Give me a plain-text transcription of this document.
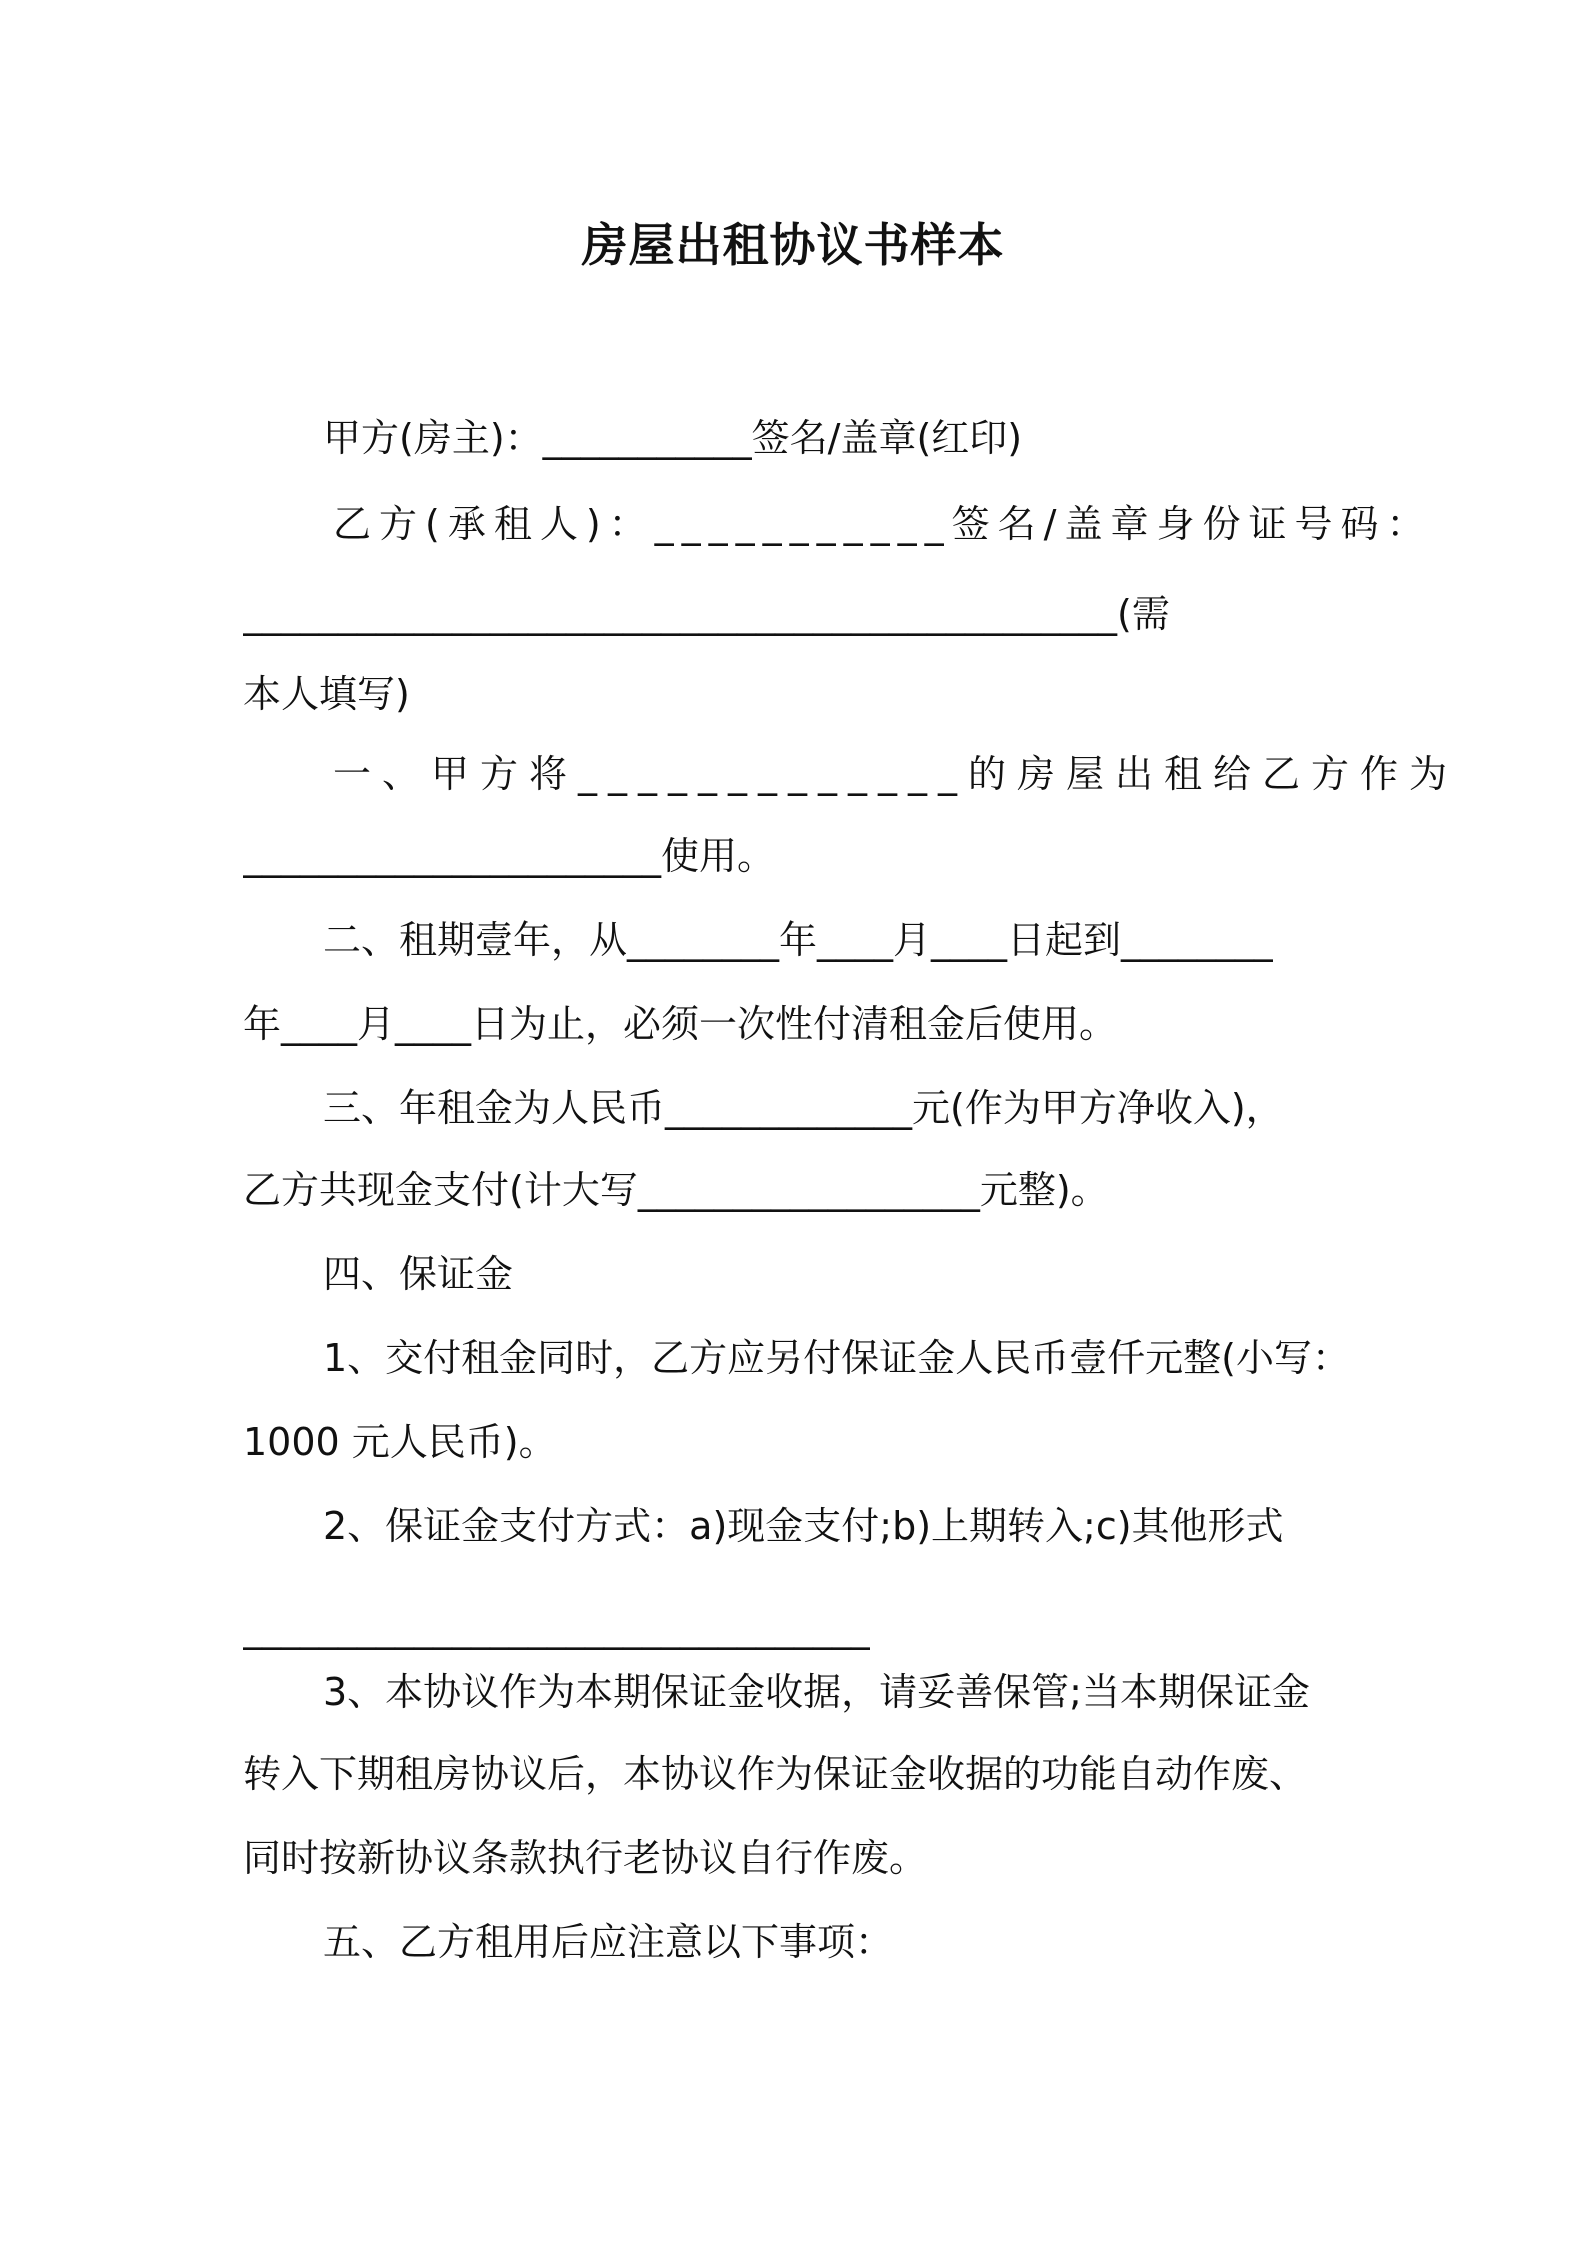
房屋出租协议书样本
甲方(房主)：___________签名/盖章(红印)
乙方(承租人)：___________签名/盖章身份证号码：
______________________________________________(需
本人填写)
一、甲方将_____________的房屋出租给乙方作为
______________________使用。
二、租期壹年，从________年____月____日起到________
年____月____日为止，必须一次性付清租金后使用。
三、年租金为人民币_____________元(作为甲方净收入)，
乙方共现金支付(计大写__________________元整)。
四、保证金
1、交付租金同时，乙方应另付保证金人民币壹仟元整(小写：
1000 元人民币)。
2、保证金支付方式：a)现金支付;b)上期转入;c)其他形式
_________________________________
3、本协议作为本期保证金收据，请妥善保管;当本期保证金
转入下期租房协议后，本协议作为保证金收据的功能自动作废、
同时按新协议条款执行老协议自行作废。
五、乙方租用后应注意以下事项：
